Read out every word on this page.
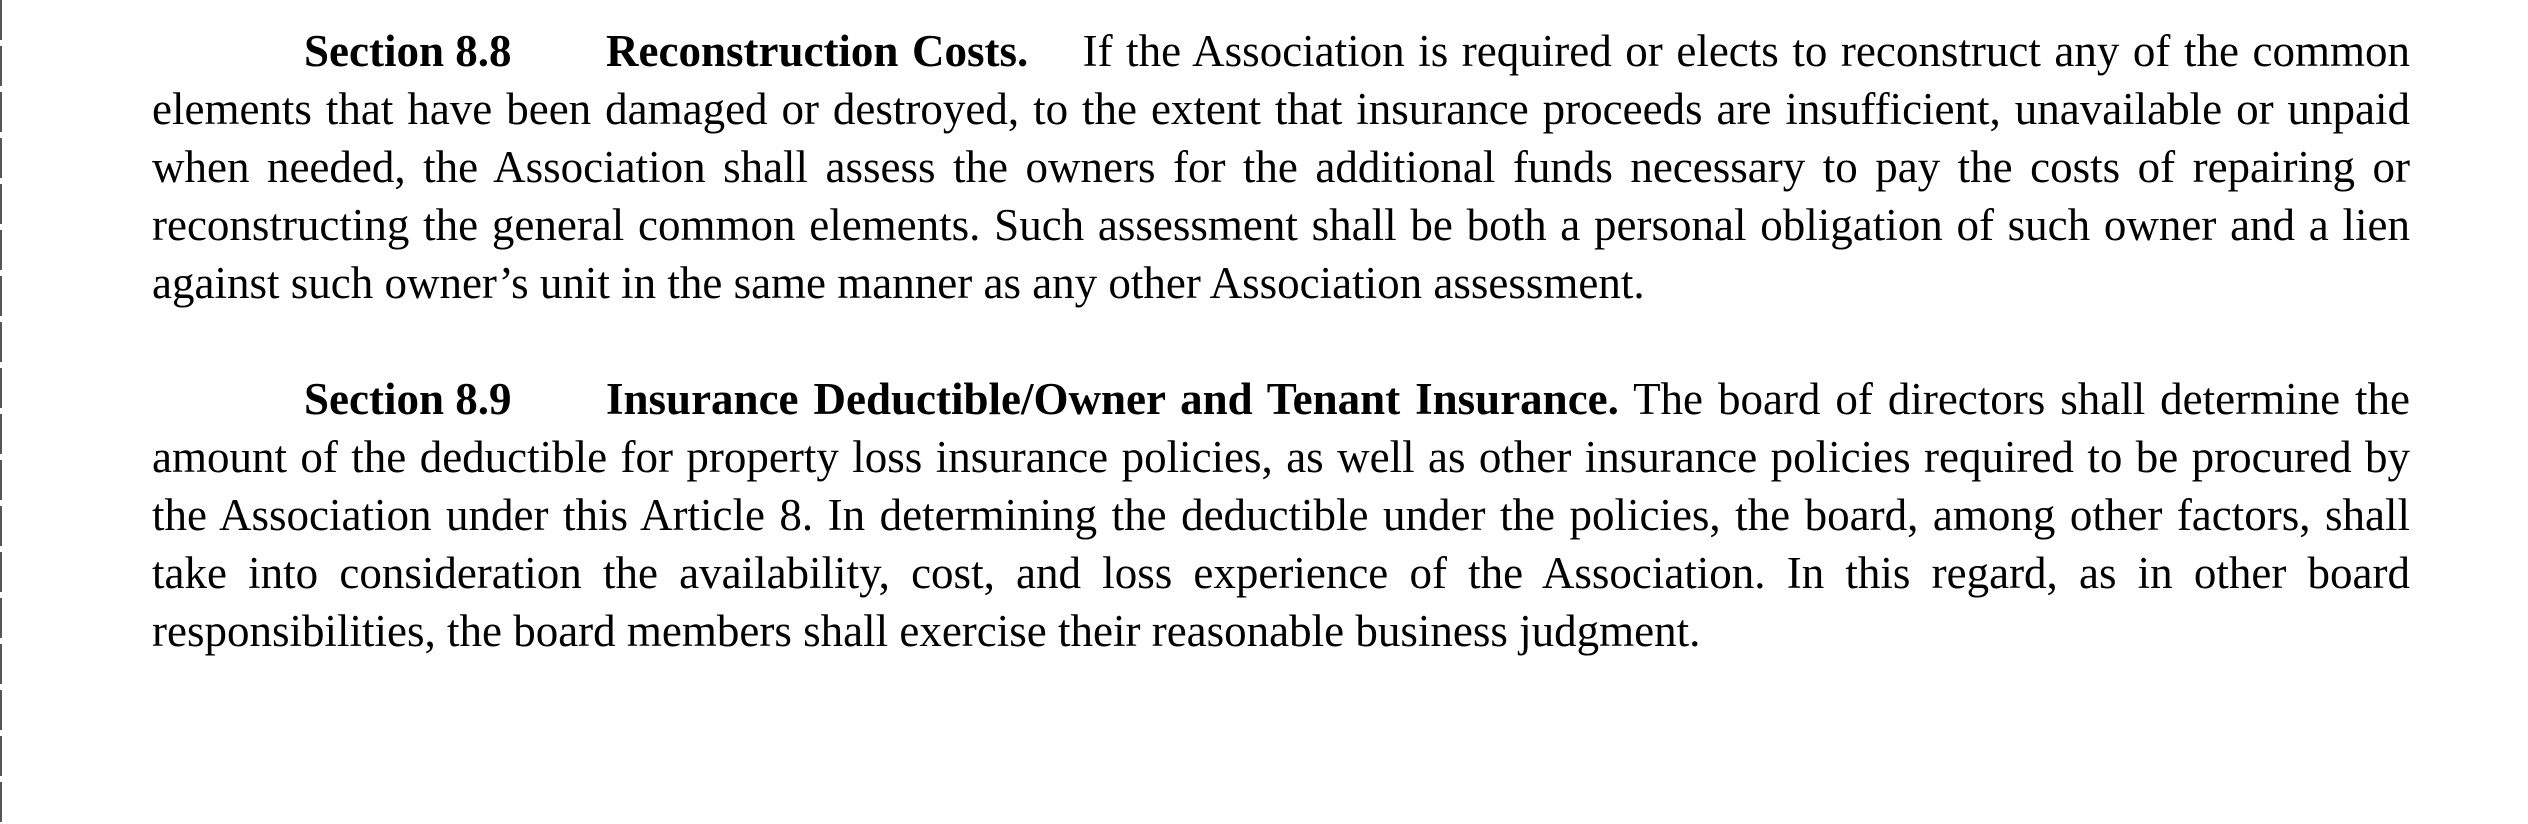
Section 8.8 Reconstruction Costs. If the Association is required or elects to reconstruct any of the common elements that have been damaged or destroyed, to the extent that insurance proceeds are insufficient, unavailable or unpaid when needed, the Association shall assess the owners for the additional funds necessary to pay the costs of repairing or reconstructing the general common elements. Such assessment shall be both a personal obligation of such owner and a lien against such owner’s unit in the same manner as any other Association assessment.

Section 8.9 Insurance Deductible/Owner and Tenant Insurance. The board of directors shall determine the amount of the deductible for property loss insurance policies, as well as other insurance policies required to be procured by the Association under this Article 8. In determining the deductible under the policies, the board, among other factors, shall take into consideration the availability, cost, and loss experience of the Association. In this regard, as in other board responsibilities, the board members shall exercise their reasonable business judgment.
